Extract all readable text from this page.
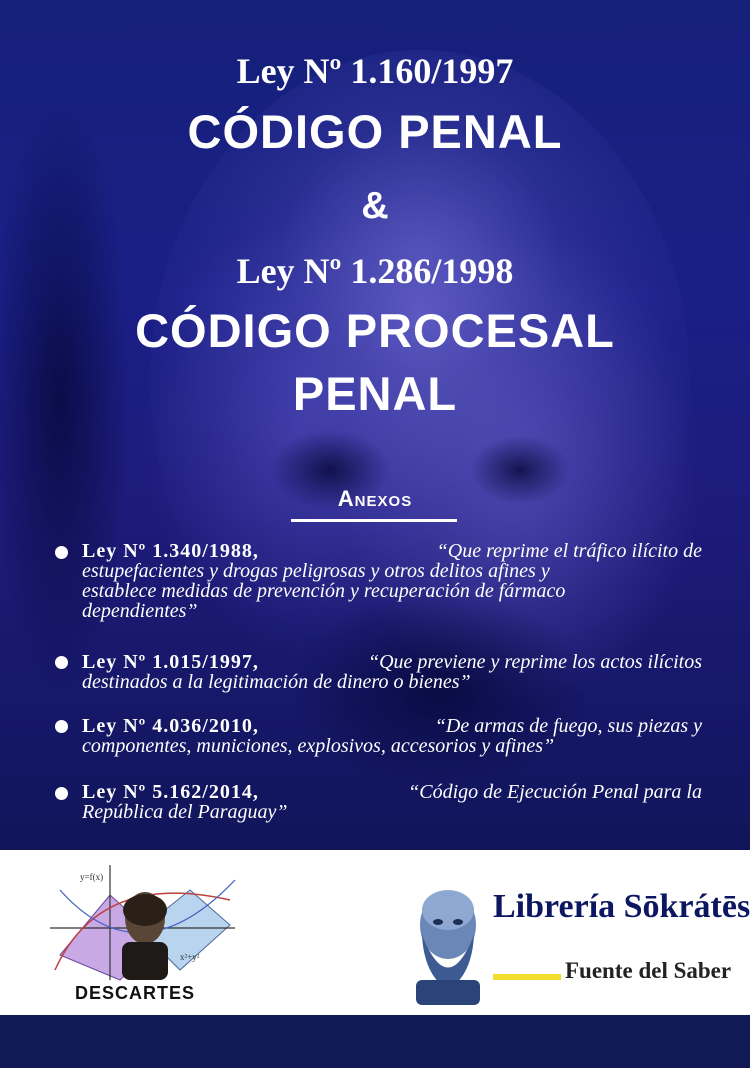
Ley Nº 1.160/1997
CÓDIGO PENAL
&
Ley Nº 1.286/1998
CÓDIGO PROCESAL
PENAL
Anexos
Ley Nº 1.340/1988,	“Que reprime el tráfico ilícito de
estupefacientes y drogas peligrosas y otros delitos afines y
establece medidas de prevención y recuperación de fármaco
dependientes”
Ley Nº 1.015/1997,	“Que previene y reprime los actos ilícitos
destinados a la legitimación de dinero o bienes”
Ley Nº 4.036/2010,	“De armas de fuego, sus piezas y
componentes, municiones, explosivos, accesorios y afines”
Ley Nº 5.162/2014,	“Código de Ejecución Penal para la
República del Paraguay”
y=f(x)
x²+y²
DESCARTES
Librería Sōkrátēs
Fuente del Saber
